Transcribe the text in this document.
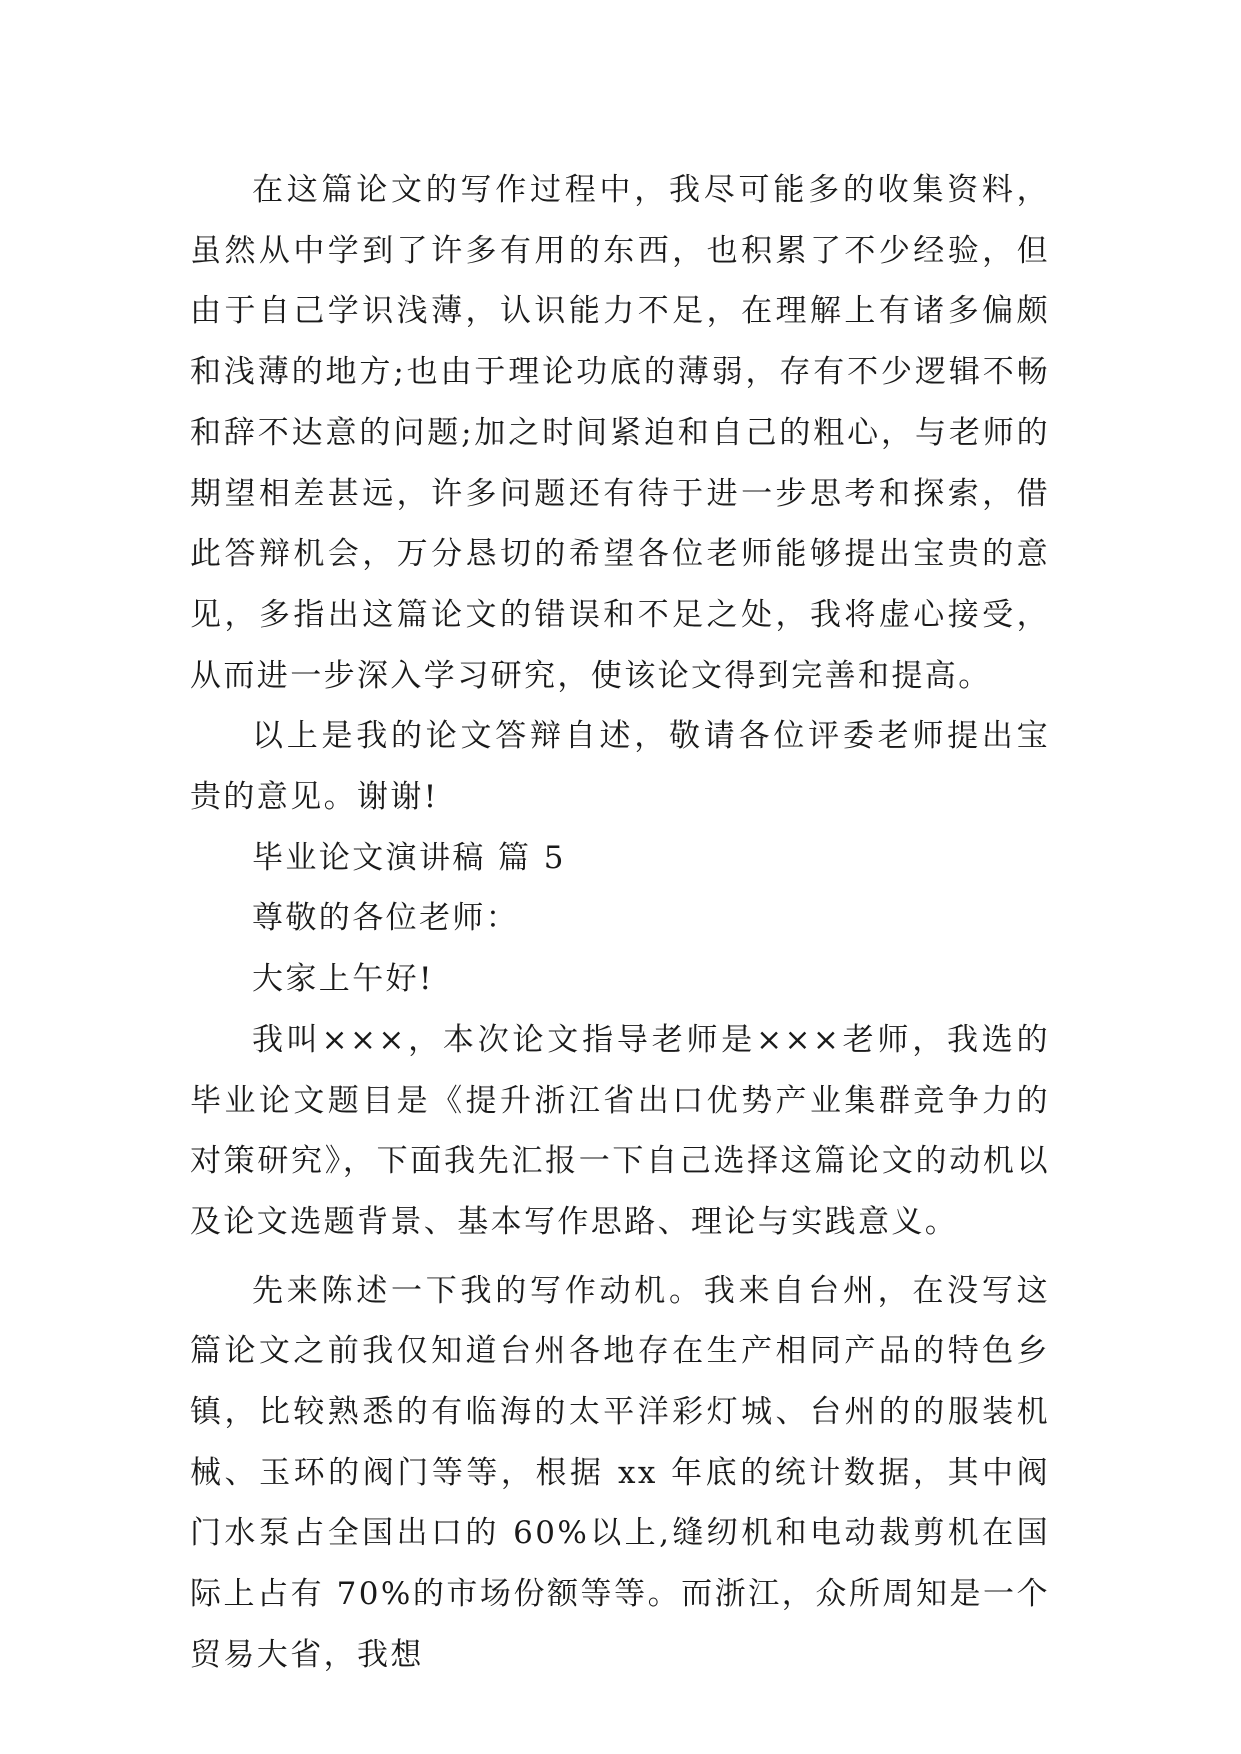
在这篇论文的写作过程中，我尽可能多的收集资料，虽然从中学到了许多有用的东西，也积累了不少经验，但由于自己学识浅薄，认识能力不足，在理解上有诸多偏颇和浅薄的地方;也由于理论功底的薄弱，存有不少逻辑不畅和辞不达意的问题;加之时间紧迫和自己的粗心，与老师的期望相差甚远，许多问题还有待于进一步思考和探索，借此答辩机会，万分恳切的希望各位老师能够提出宝贵的意见，多指出这篇论文的错误和不足之处，我将虚心接受，从而进一步深入学习研究，使该论文得到完善和提高。

以上是我的论文答辩自述，敬请各位评委老师提出宝贵的意见。谢谢!

毕业论文演讲稿 篇 5

尊敬的各位老师：

大家上午好!

我叫×××，本次论文指导老师是×××老师，我选的毕业论文题目是《提升浙江省出口优势产业集群竞争力的对策研究》，下面我先汇报一下自己选择这篇论文的动机以及论文选题背景、基本写作思路、理论与实践意义。

先来陈述一下我的写作动机。我来自台州，在没写这篇论文之前我仅知道台州各地存在生产相同产品的特色乡镇，比较熟悉的有临海的太平洋彩灯城、台州的的服装机械、玉环的阀门等等，根据 xx 年底的统计数据，其中阀门水泵占全国出口的 60%以上,缝纫机和电动裁剪机在国际上占有 70%的市场份额等等。而浙江，众所周知是一个贸易大省，我想
